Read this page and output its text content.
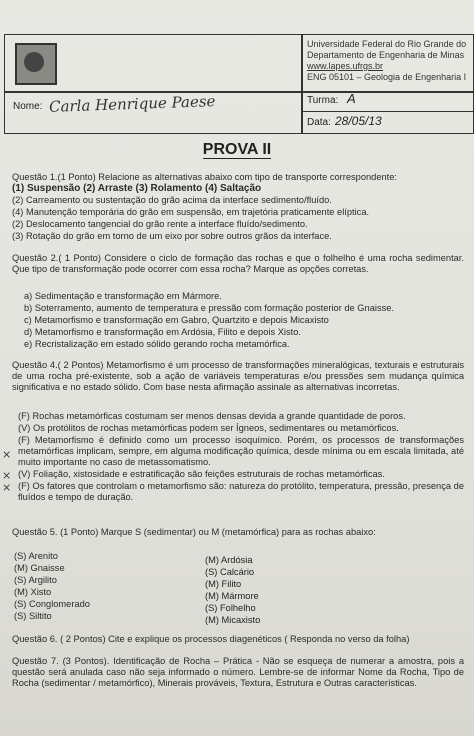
Universidade Federal do Rio Grande do
Departamento de Engenharia de Minas
www.lapes.ufrgs.br
ENG 05101 – Geologia de Engenharia I
Nome: Carla Henrique Paese	Turma: A
Data: 28/05/13
PROVA II
Questão 1.(1 Ponto) Relacione as alternativas abaixo com tipo de transporte correspondente:
(1) Suspensão (2) Arraste (3) Rolamento (4) Saltação
(2) Carreamento ou sustentação do grão acima da interface sedimento/fluído.
(4) Manutenção temporária do grão em suspensão, em trajetória praticamente elíptica.
(2) Deslocamento tangencial do grão rente a interface fluído/sedimento.
(3) Rotação do grão em torno de um eixo por sobre outros grãos da interface.
Questão 2.( 1 Ponto) Considere o ciclo de formação das rochas e que o folhelho é uma rocha sedimentar. Que tipo de transformação pode ocorrer com essa rocha? Marque as opções corretas.
a) Sedimentação e transformação em Mármore.
b) Soterramento, aumento de temperatura e pressão com formação posterior de Gnaisse.
c) Metamorfismo e transformação em Gabro, Quartzito e depois Micaxisto
d) Metamorfismo e transformação em Ardósia, Filito e depois Xisto.
e) Recristalização em estado sólido gerando rocha metamórfica.
Questão 4.( 2 Pontos) Metamorfismo é um processo de transformações mineralógicas, texturais e estruturais de uma rocha pré-existente, sob a ação de variáveis temperaturas e/ou pressões sem mudança química significativa e no estado sólido. Com base nesta afirmação assinale as alternativas incorretas.
(F) Rochas metamórficas costumam ser menos densas devida a grande quantidade de poros.
(V) Os protólitos de rochas metamórficas podem ser Ígneos, sedimentares ou metamórficos.
(F) Metamorfismo é definido como um processo isoquímico. Porém, os processos de transformações metamórficas implicam, sempre, em alguma modificação química, desde mínima ou em escala limitada, até muito importante no caso de metassomatismo.
(V) Foliação, xistosidade e estratificação são feições estruturais de rochas metamórficas.
(F) Os fatores que controlam o metamorfismo são: natureza do protólito, temperatura, pressão, presença de fluídos e tempo de duração.
×
×
×
Questão 5. (1 Ponto) Marque S (sedimentar) ou M (metamórfica) para as rochas abaixo:
(S) Arenito
(M) Gnaisse
(S) Argilito
(M) Xisto
(S) Conglomerado
(S) Siltito
(M) Ardósia
(S) Calcário
(M) Filito
(M) Mármore
(S) Folhelho
(M) Micaxisto
Questão 6. ( 2 Pontos) Cite e explique os processos diagenéticos ( Responda no verso da folha)
Questão 7. (3 Pontos). Identificação de Rocha – Prática - Não se esqueça de numerar a amostra, pois a questão será anulada caso não seja informado o número. Lembre-se de informar Nome da Rocha, Tipo de Rocha (sedimentar / metamórfico), Minerais prováveis, Textura, Estrutura e Outras características.
